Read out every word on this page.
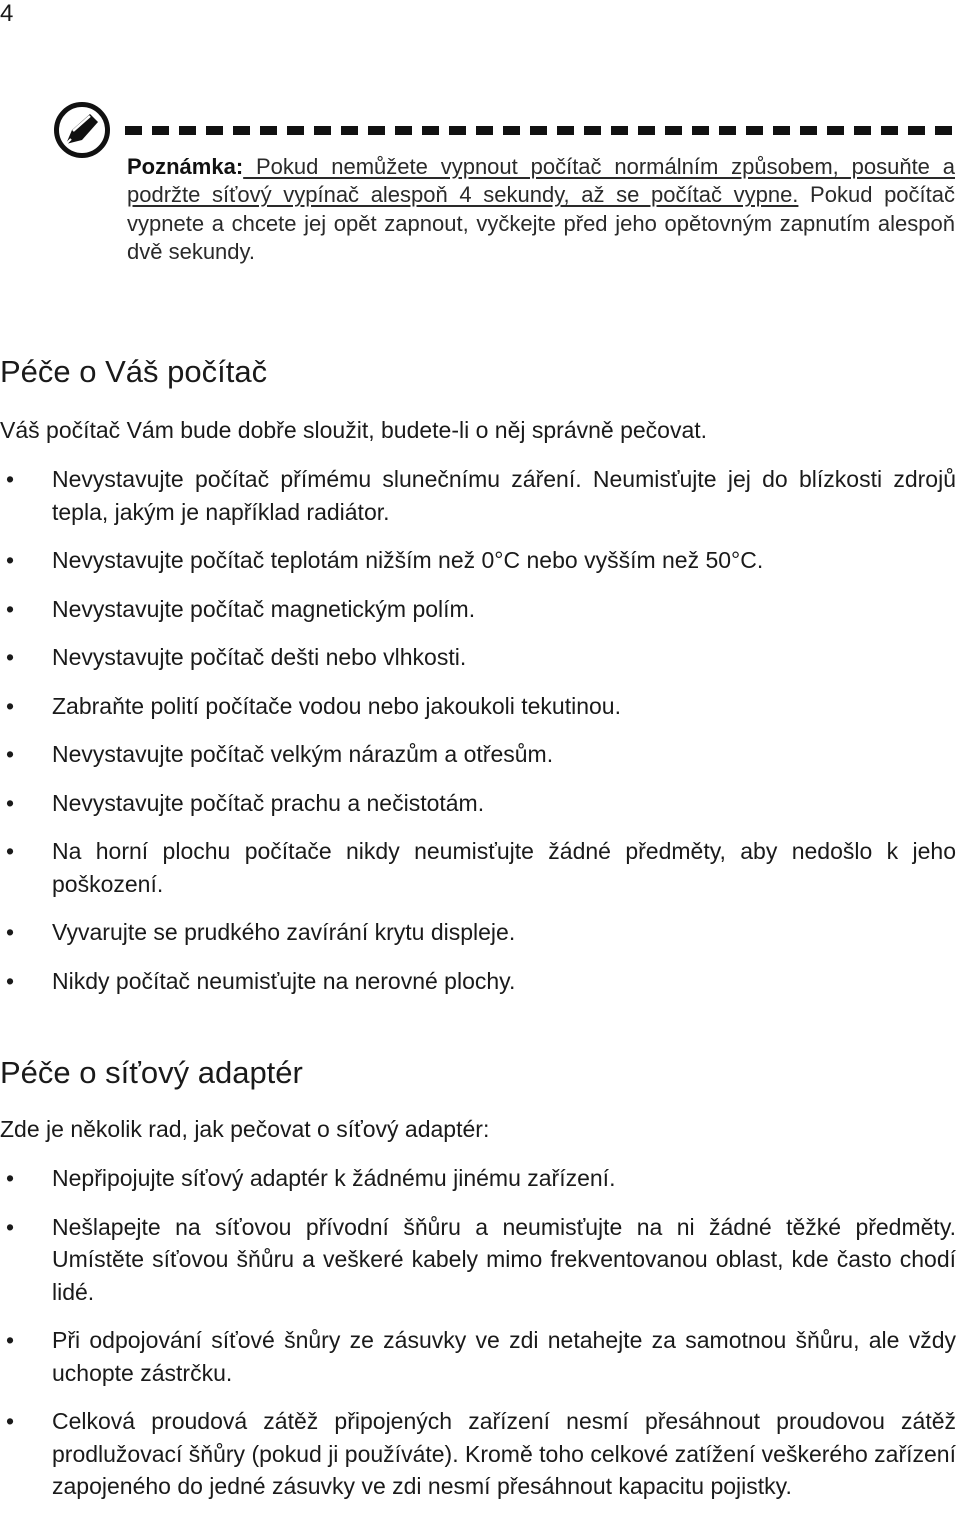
4
Poznámka: Pokud nemůžete vypnout počítač normálním způsobem, posuňte a podržte síťový vypínač alespoň 4 sekundy, až se počítač vypne. Pokud počítač vypnete a chcete jej opět zapnout, vyčkejte před jeho opětovným zapnutím alespoň dvě sekundy.
Péče o Váš počítač
Váš počítač Vám bude dobře sloužit, budete-li o něj správně pečovat.
• Nevystavujte počítač přímému slunečnímu záření. Neumisťujte jej do blízkosti zdrojů tepla, jakým je například radiátor.
• Nevystavujte počítač teplotám nižším než 0°C nebo vyšším než 50°C.
• Nevystavujte počítač magnetickým polím.
• Nevystavujte počítač dešti nebo vlhkosti.
• Zabraňte polití počítače vodou nebo jakoukoli tekutinou.
• Nevystavujte počítač velkým nárazům a otřesům.
• Nevystavujte počítač prachu a nečistotám.
• Na horní plochu počítače nikdy neumisťujte žádné předměty, aby nedošlo k jeho poškození.
• Vyvarujte se prudkého zavírání krytu displeje.
• Nikdy počítač neumisťujte na nerovné plochy.
Péče o síťový adaptér
Zde je několik rad, jak pečovat o síťový adaptér:
• Nepřipojujte síťový adaptér k žádnému jinému zařízení.
• Nešlapejte na síťovou přívodní šňůru a neumisťujte na ni žádné těžké předměty. Umístěte síťovou šňůru a veškeré kabely mimo frekventovanou oblast, kde často chodí lidé.
• Při odpojování síťové šnůry ze zásuvky ve zdi netahejte za samotnou šňůru, ale vždy uchopte zástrčku.
• Celková proudová zátěž připojených zařízení nesmí přesáhnout proudovou zátěž prodlužovací šňůry (pokud ji používáte). Kromě toho celkové zatížení veškerého zařízení zapojeného do jedné zásuvky ve zdi nesmí přesáhnout kapacitu pojistky.
